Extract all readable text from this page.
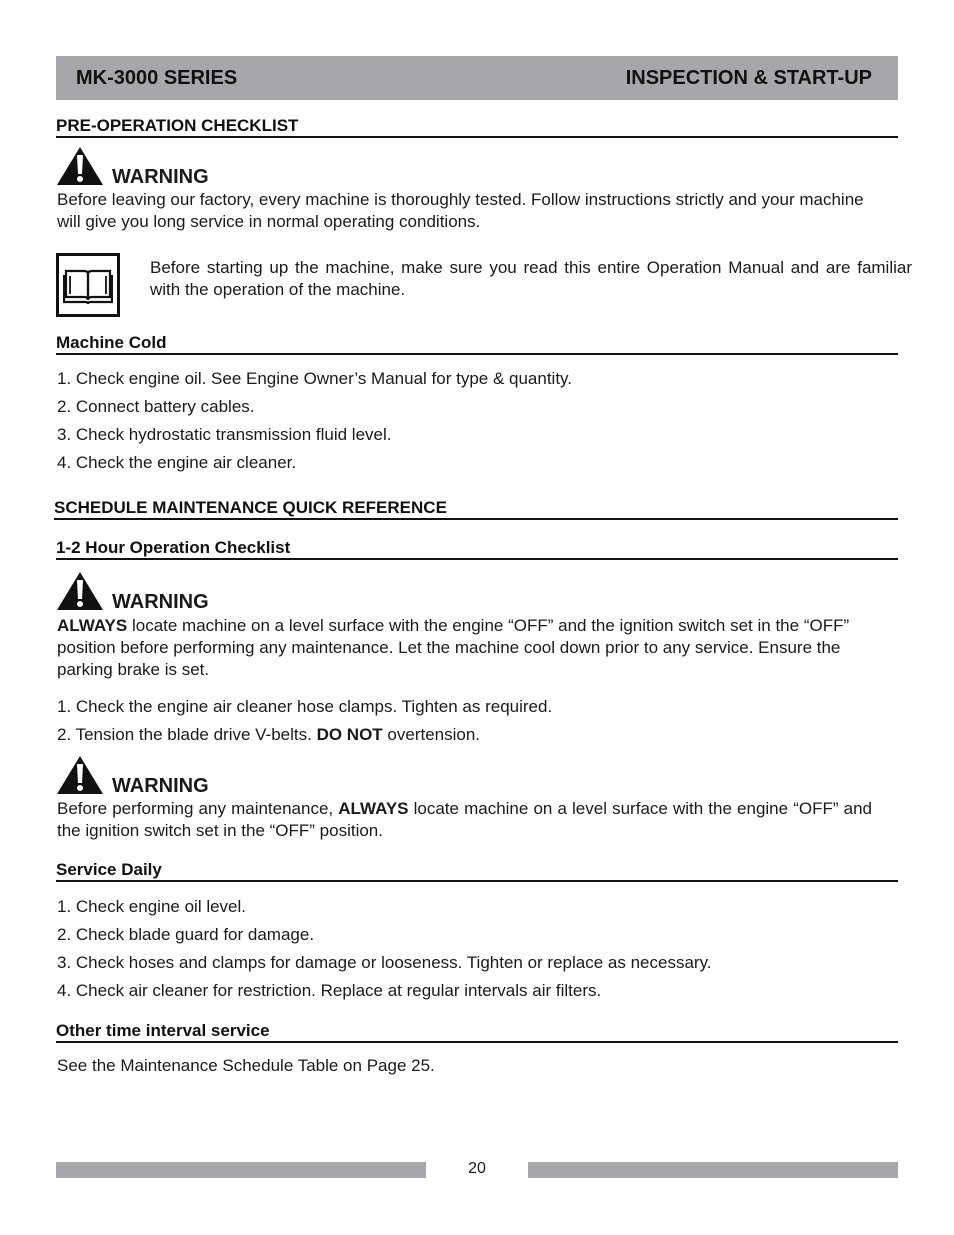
MK-3000 SERIES	INSPECTION & START-UP
PRE-OPERATION CHECKLIST
WARNING
Before leaving our factory, every machine is thoroughly tested. Follow instructions strictly and your machine will give you long service in normal operating conditions.
Before starting up the machine, make sure you read this entire Operation Manual and are familiar with the operation of the machine.
Machine Cold
1. Check engine oil. See Engine Owner’s Manual for type & quantity.
2. Connect battery cables.
3. Check hydrostatic transmission fluid level.
4. Check the engine air cleaner.
SCHEDULE MAINTENANCE QUICK REFERENCE
1-2 Hour Operation Checklist
WARNING
ALWAYS locate machine on a level surface with the engine “OFF” and the ignition switch set in the “OFF” position before performing any maintenance. Let the machine cool down prior to any service. Ensure the parking brake is set.
1. Check the engine air cleaner hose clamps. Tighten as required.
2. Tension the blade drive V-belts. DO NOT overtension.
WARNING
Before performing any maintenance, ALWAYS locate machine on a level surface with the engine “OFF” and the ignition switch set in the “OFF” position.
Service Daily
1. Check engine oil level.
2. Check blade guard for damage.
3. Check hoses and clamps for damage or looseness. Tighten or replace as necessary.
4. Check air cleaner for restriction. Replace at regular intervals air filters.
Other time interval service
See the Maintenance Schedule Table on Page 25.
20
